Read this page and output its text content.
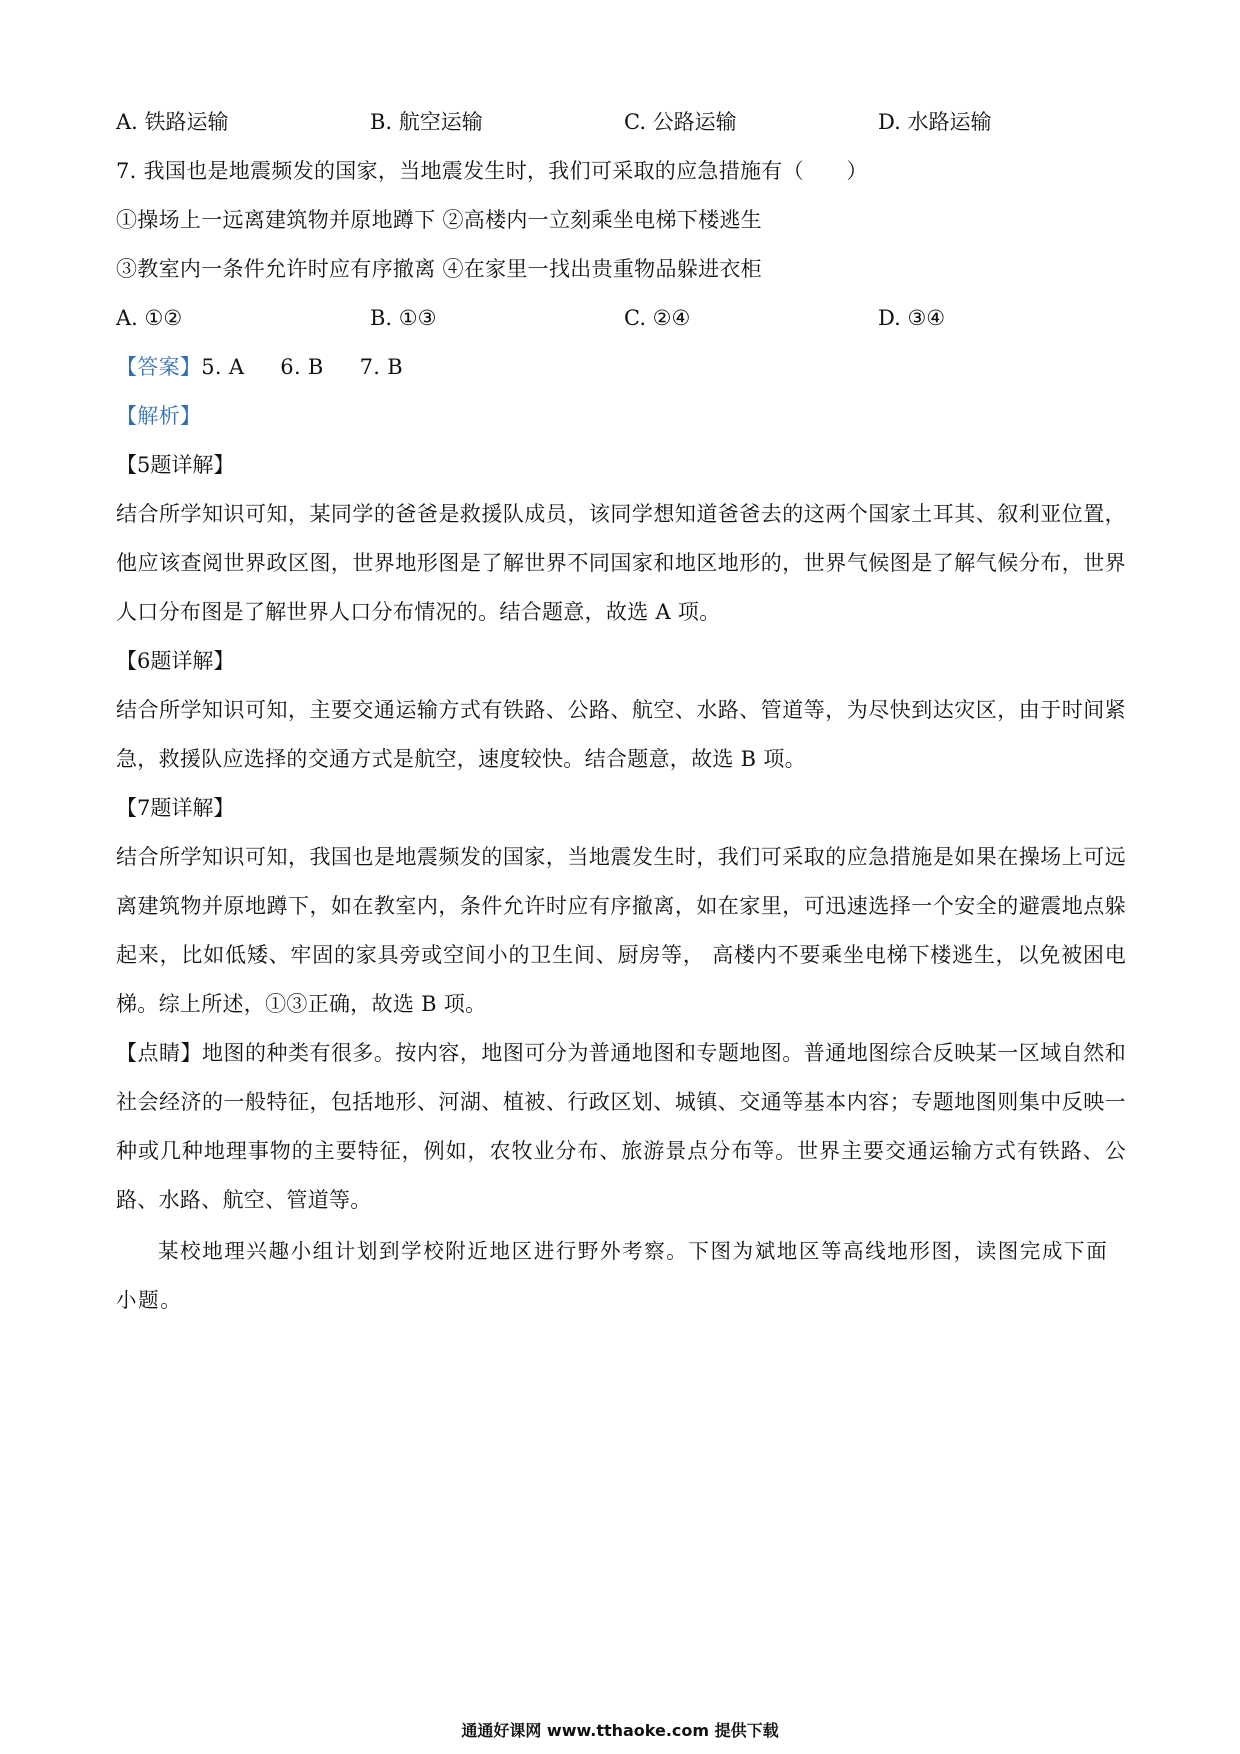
A. 铁路运输	B. 航空运输	C. 公路运输	D. 水路运输
7. 我国也是地震频发的国家，当地震发生时，我们可采取的应急措施有（　　）
①操场上一远离建筑物并原地蹲下 ②高楼内一立刻乘坐电梯下楼逃生
③教室内一条件允许时应有序撤离 ④在家里一找出贵重物品躲进衣柜
A. ①②	B. ①③	C. ②④	D. ③④
【答案】5. A 6. B 7. B
【解析】
【5题详解】
结合所学知识可知，某同学的爸爸是救援队成员，该同学想知道爸爸去的这两个国家土耳其、叙利亚位置，他应该查阅世界政区图，世界地形图是了解世界不同国家和地区地形的，世界气候图是了解气候分布，世界人口分布图是了解世界人口分布情况的。结合题意，故选 A 项。
【6题详解】
结合所学知识可知，主要交通运输方式有铁路、公路、航空、水路、管道等，为尽快到达灾区，由于时间紧急，救援队应选择的交通方式是航空，速度较快。结合题意，故选 B 项。
【7题详解】
结合所学知识可知，我国也是地震频发的国家，当地震发生时，我们可采取的应急措施是如果在操场上可远离建筑物并原地蹲下，如在教室内，条件允许时应有序撤离，如在家里，可迅速选择一个安全的避震地点躲起来，比如低矮、牢固的家具旁或空间小的卫生间、厨房等， 高楼内不要乘坐电梯下楼逃生，以免被困电梯。综上所述，①③正确，故选 B 项。
【点睛】地图的种类有很多。按内容，地图可分为普通地图和专题地图。普通地图综合反映某一区域自然和社会经济的一般特征，包括地形、河湖、植被、行政区划、城镇、交通等基本内容；专题地图则集中反映一种或几种地理事物的主要特征，例如，农牧业分布、旅游景点分布等。世界主要交通运输方式有铁路、公路、水路、航空、管道等。
某校地理兴趣小组计划到学校附近地区进行野外考察。下图为斌地区等高线地形图，读图完成下面小题。
通通好课网 www.tthaoke.com 提供下载
